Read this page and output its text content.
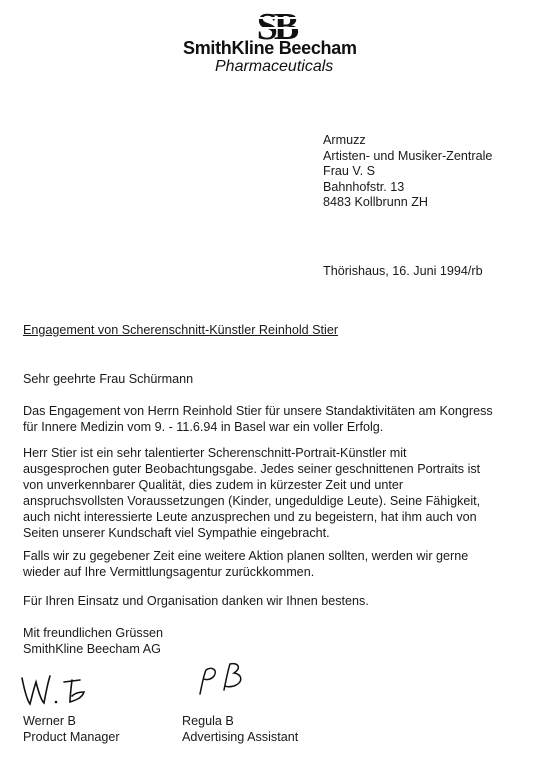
SB
SmithKline Beecham
Pharmaceuticals
Armuzz
Artisten- und Musiker-Zentrale
Frau V. S
Bahnhofstr. 13
8483 Kollbrunn ZH
Thörishaus, 16. Juni 1994/rb
Engagement von Scherenschnitt-Künstler Reinhold Stier
Sehr geehrte Frau Schürmann
Das Engagement von Herrn Reinhold Stier für unsere Standaktivitäten am Kongress
für Innere Medizin vom 9. - 11.6.94 in Basel war ein voller Erfolg.
Herr Stier ist ein sehr talentierter Scherenschnitt-Portrait-Künstler mit
ausgesprochen guter Beobachtungsgabe. Jedes seiner geschnittenen Portraits ist
von unverkennbarer Qualität, dies zudem in kürzester Zeit und unter
anspruchsvollsten Voraussetzungen (Kinder, ungeduldige Leute). Seine Fähigkeit,
auch nicht interessierte Leute anzusprechen und zu begeistern, hat ihm auch von
Seiten unserer Kundschaft viel Sympathie eingebracht.
Falls wir zu gegebener Zeit eine weitere Aktion planen sollten, werden wir gerne
wieder auf Ihre Vermittlungsagentur zurückkommen.
Für Ihren Einsatz und Organisation danken wir Ihnen bestens.
Mit freundlichen Grüssen
SmithKline Beecham AG
Werner B
Product Manager
Regula B
Advertising Assistant
